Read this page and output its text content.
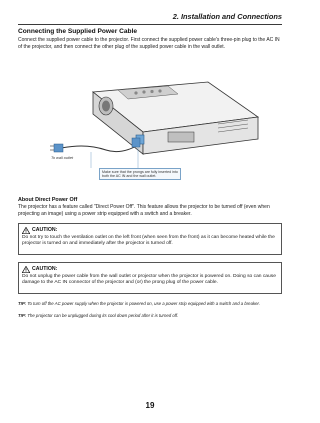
2. Installation and Connections
Connecting the Supplied Power Cable
Connect the supplied power cable to the projector. First connect the supplied power cable's three-pin plug to the AC IN of the projector, and then connect the other plug of the supplied power cable in the wall outlet.
To wall outlet
Make sure that the prongs are fully inserted into both the AC IN and the wall outlet.
About Direct Power Off
The projector has a feature called "Direct Power Off". This feature allows the projector to be turned off (even when projecting an image) using a power strip equipped with a switch and a breaker.
CAUTION:
Do not try to touch the ventilation outlet on the left front (when seen from the front) as it can become heated while the projector is turned on and immediately after the projector is turned off.
CAUTION:
Do not unplug the power cable from the wall outlet or projector when the projector is powered on. Doing so can cause damage to the AC IN connector of the projector and (or) the prong plug of the power cable.
TIP: To turn off the AC power supply when the projector is powered on, use a power strip equipped with a switch and a breaker.
TIP: The projector can be unplugged during its cool down period after it is turned off.
19
